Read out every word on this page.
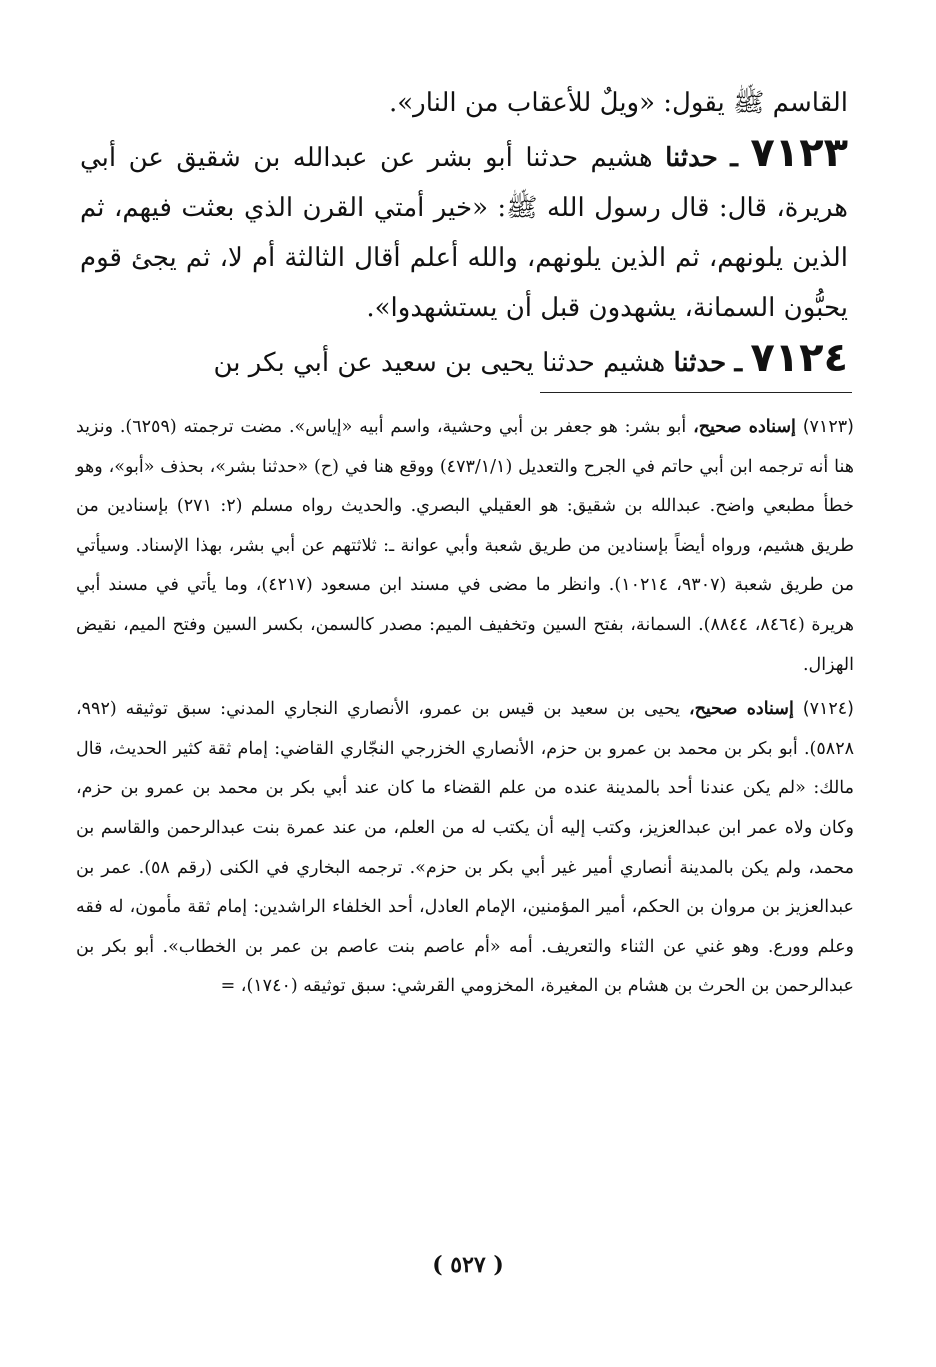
القاسم ﷺ يقول: «ويلٌ للأعقاب من النار».

٧١٢٣ ـ حدثنا هشيم حدثنا أبو بشر عن عبدالله بن شقيق عن أبي هريرة، قال: قال رسول الله ﷺ: «خير أمتي القرن الذي بعثت فيهم، ثم الذين يلونهم، ثم الذين يلونهم، والله أعلم أقال الثالثة أم لا، ثم يجئ قوم يحبُّون السمانة، يشهدون قبل أن يستشهدوا».

٧١٢٤ ـ حدثنا هشيم حدثنا يحيى بن سعيد عن أبي بكر بن

(٧١٢٣) إسناده صحيح، أبو بشر: هو جعفر بن أبي وحشية، واسم أبيه «إياس». مضت ترجمته (٦٢٥٩). ونزيد هنا أنه ترجمه ابن أبي حاتم في الجرح والتعديل (٤٧٣/١/١) ووقع هنا في (ح) «حدثنا بشر»، بحذف «أبو»، وهو خطأ مطبعي واضح. عبدالله بن شقيق: هو العقيلي البصري. والحديث رواه مسلم (٢: ٢٧١) بإسنادين من طريق هشيم، ورواه أيضاً بإسنادين من طريق شعبة وأبي عوانة ـ: ثلاثتهم عن أبي بشر، بهذا الإسناد. وسيأتي من طريق شعبة (٩٣٠٧، ١٠٢١٤). وانظر ما مضى في مسند ابن مسعود (٤٢١٧)، وما يأتي في مسند أبي هريرة (٨٤٦٤، ٨٨٤٤). السمانة، بفتح السين وتخفيف الميم: مصدر كالسمن، بكسر السين وفتح الميم، نقيض الهزال.

(٧١٢٤) إسناده صحيح، يحيى بن سعيد بن قيس بن عمرو، الأنصاري النجاري المدني: سبق توثيقه (٩٩٢، ٥٨٢٨). أبو بكر بن محمد بن عمرو بن حزم، الأنصاري الخزرجي النجّاري القاضي: إمام ثقة كثير الحديث، قال مالك: «لم يكن عندنا أحد بالمدينة عنده من علم القضاء ما كان عند أبي بكر بن محمد بن عمرو بن حزم، وكان ولاه عمر ابن عبدالعزيز، وكتب إليه أن يكتب له من العلم، من عند عمرة بنت عبدالرحمن والقاسم بن محمد، ولم يكن بالمدينة أنصاري أمير غير أبي بكر بن حزم». ترجمه البخاري في الكنى (رقم ٥٨). عمر بن عبدالعزيز بن مروان بن الحكم، أمير المؤمنين، الإمام العادل، أحد الخلفاء الراشدين: إمام ثقة مأمون، له فقه وعلم وورع. وهو غني عن الثناء والتعريف. أمه «أم عاصم بنت عاصم بن عمر بن الخطاب». أبو بكر بن عبدالرحمن بن الحرث بن هشام بن المغيرة، المخزومي القرشي: سبق توثيقه (١٧٤٠)، =

( ٥٢٧ )
